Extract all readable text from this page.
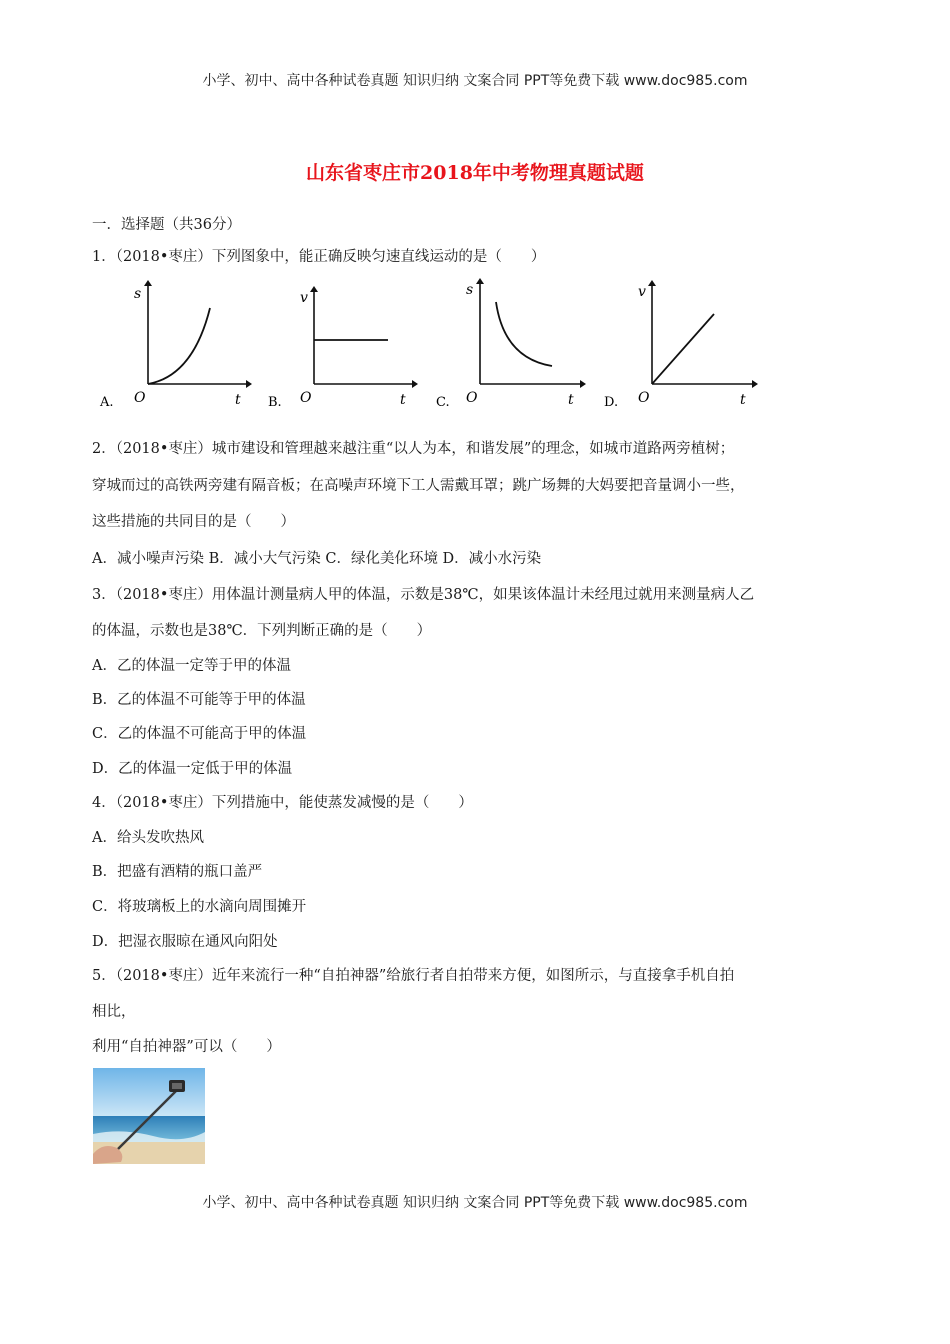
小学、初中、高中各种试卷真题 知识归纳 文案合同 PPT等免费下载 www.doc985.com
山东省枣庄市2018年中考物理真题试题
一．选择题（共36分）
1．（2018•枣庄）下列图象中，能正确反映匀速直线运动的是（　　）
s
t
O
A.
v
t
O
B.
s
t
O
C.
v
t
O
D.
2．（2018•枣庄）城市建设和管理越来越注重“以人为本，和谐发展”的理念，如城市道路两旁植树；
穿城而过的高铁两旁建有隔音板；在高噪声环境下工人需戴耳罩；跳广场舞的大妈要把音量调小一些，
这些措施的共同目的是（　　）
A．减小噪声污染 B．减小大气污染 C．绿化美化环境 D．减小水污染
3．（2018•枣庄）用体温计测量病人甲的体温，示数是38℃，如果该体温计未经甩过就用来测量病人乙
的体温，示数也是38℃．下列判断正确的是（　　）
A．乙的体温一定等于甲的体温
B．乙的体温不可能等于甲的体温
C．乙的体温不可能高于甲的体温
D．乙的体温一定低于甲的体温
4．（2018•枣庄）下列措施中，能使蒸发减慢的是（　　）
A．给头发吹热风
B．把盛有酒精的瓶口盖严
C．将玻璃板上的水滴向周围摊开
D．把湿衣服晾在通风向阳处
5．（2018•枣庄）近年来流行一种“自拍神器”给旅行者自拍带来方便，如图所示，与直接拿手机自拍
相比，
利用“自拍神器”可以（　　）
小学、初中、高中各种试卷真题 知识归纳 文案合同 PPT等免费下载 www.doc985.com
